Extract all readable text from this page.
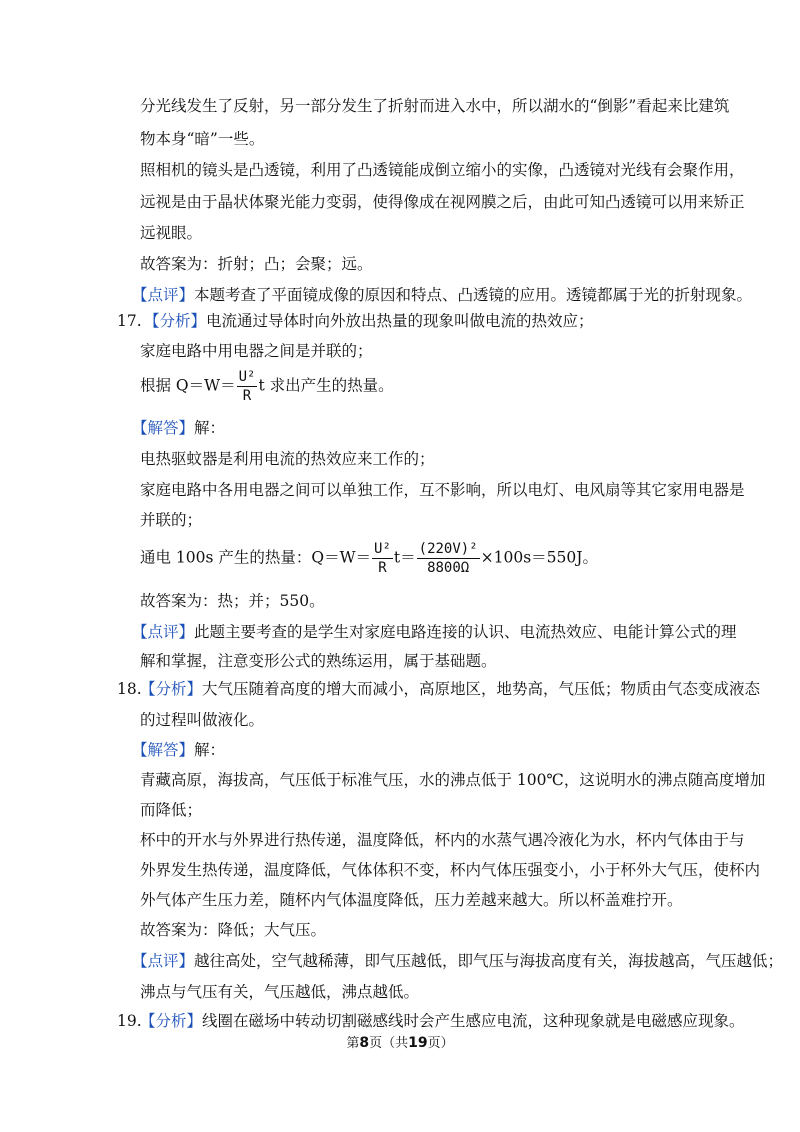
分光线发生了反射，另一部分发生了折射而进入水中，所以湖水的“倒影”看起来比建筑
物本身“暗”一些。
照相机的镜头是凸透镜，利用了凸透镜能成倒立缩小的实像，凸透镜对光线有会聚作用，
远视是由于晶状体聚光能力变弱，使得像成在视网膜之后，由此可知凸透镜可以用来矫正
远视眼。
故答案为：折射；凸；会聚；远。
【点评】本题考查了平面镜成像的原因和特点、凸透镜的应用。透镜都属于光的折射现象。
17. 【分析】电流通过导体时向外放出热量的现象叫做电流的热效应；
家庭电路中用电器之间是并联的；
根据 $Q=W= \frac{\text{U²}}{R}$ t 求出产生的热量。
【解答】解：
电热驱蚊器是利用电流的热效应来工作的；
家庭电路中各用电器之间可以单独工作，互不影响，所以电灯、电风扇等其它家用电器是
并联的；
通电 100s 产生的热量：$Q=W= \frac{\text{U²}}{R} t= \frac{\text{(220V)²}}{8800\Omega} \times 100s=550J$。
故答案为：热；并；550。
【点评】此题主要考查的是学生对家庭电路连接的认识、电流热效应、电能计算公式的理
解和掌握，注意变形公式的熟练运用，属于基础题。
18.
【分析】大气压随着高度的增大而减小，高原地区，地势高，气压低；物质由气态变成液态
的过程叫做液化。
【解答】解：
青藏高原，海拔高，气压低于标准气压，水的沸点低于 100℃，这说明水的沸点随高度增加
而降低；
杯中的开水与外界进行热传递，温度降低，杯内的水蒸气遇冷液化为水，杯内气体由于与
外界发生热传递，温度降低，气体体积不变，杯内气体压强变小，小于杯外大气压，使杯内
外气体产生压力差，随杯内气体温度降低，压力差越来越大。所以杯盖难拧开。
故答案为：降低；大气压。
【点评】越往高处，空气越稀薄，即气压越低，即气压与海拔高度有关，海拔越高，气压越低；
沸点与气压有关，气压越低，沸点越低。
19.
【分析】线圈在磁场中转动切割磁感线时会产生感应电流，这种现象就是电磁感应现象。
第8页（共19页）
